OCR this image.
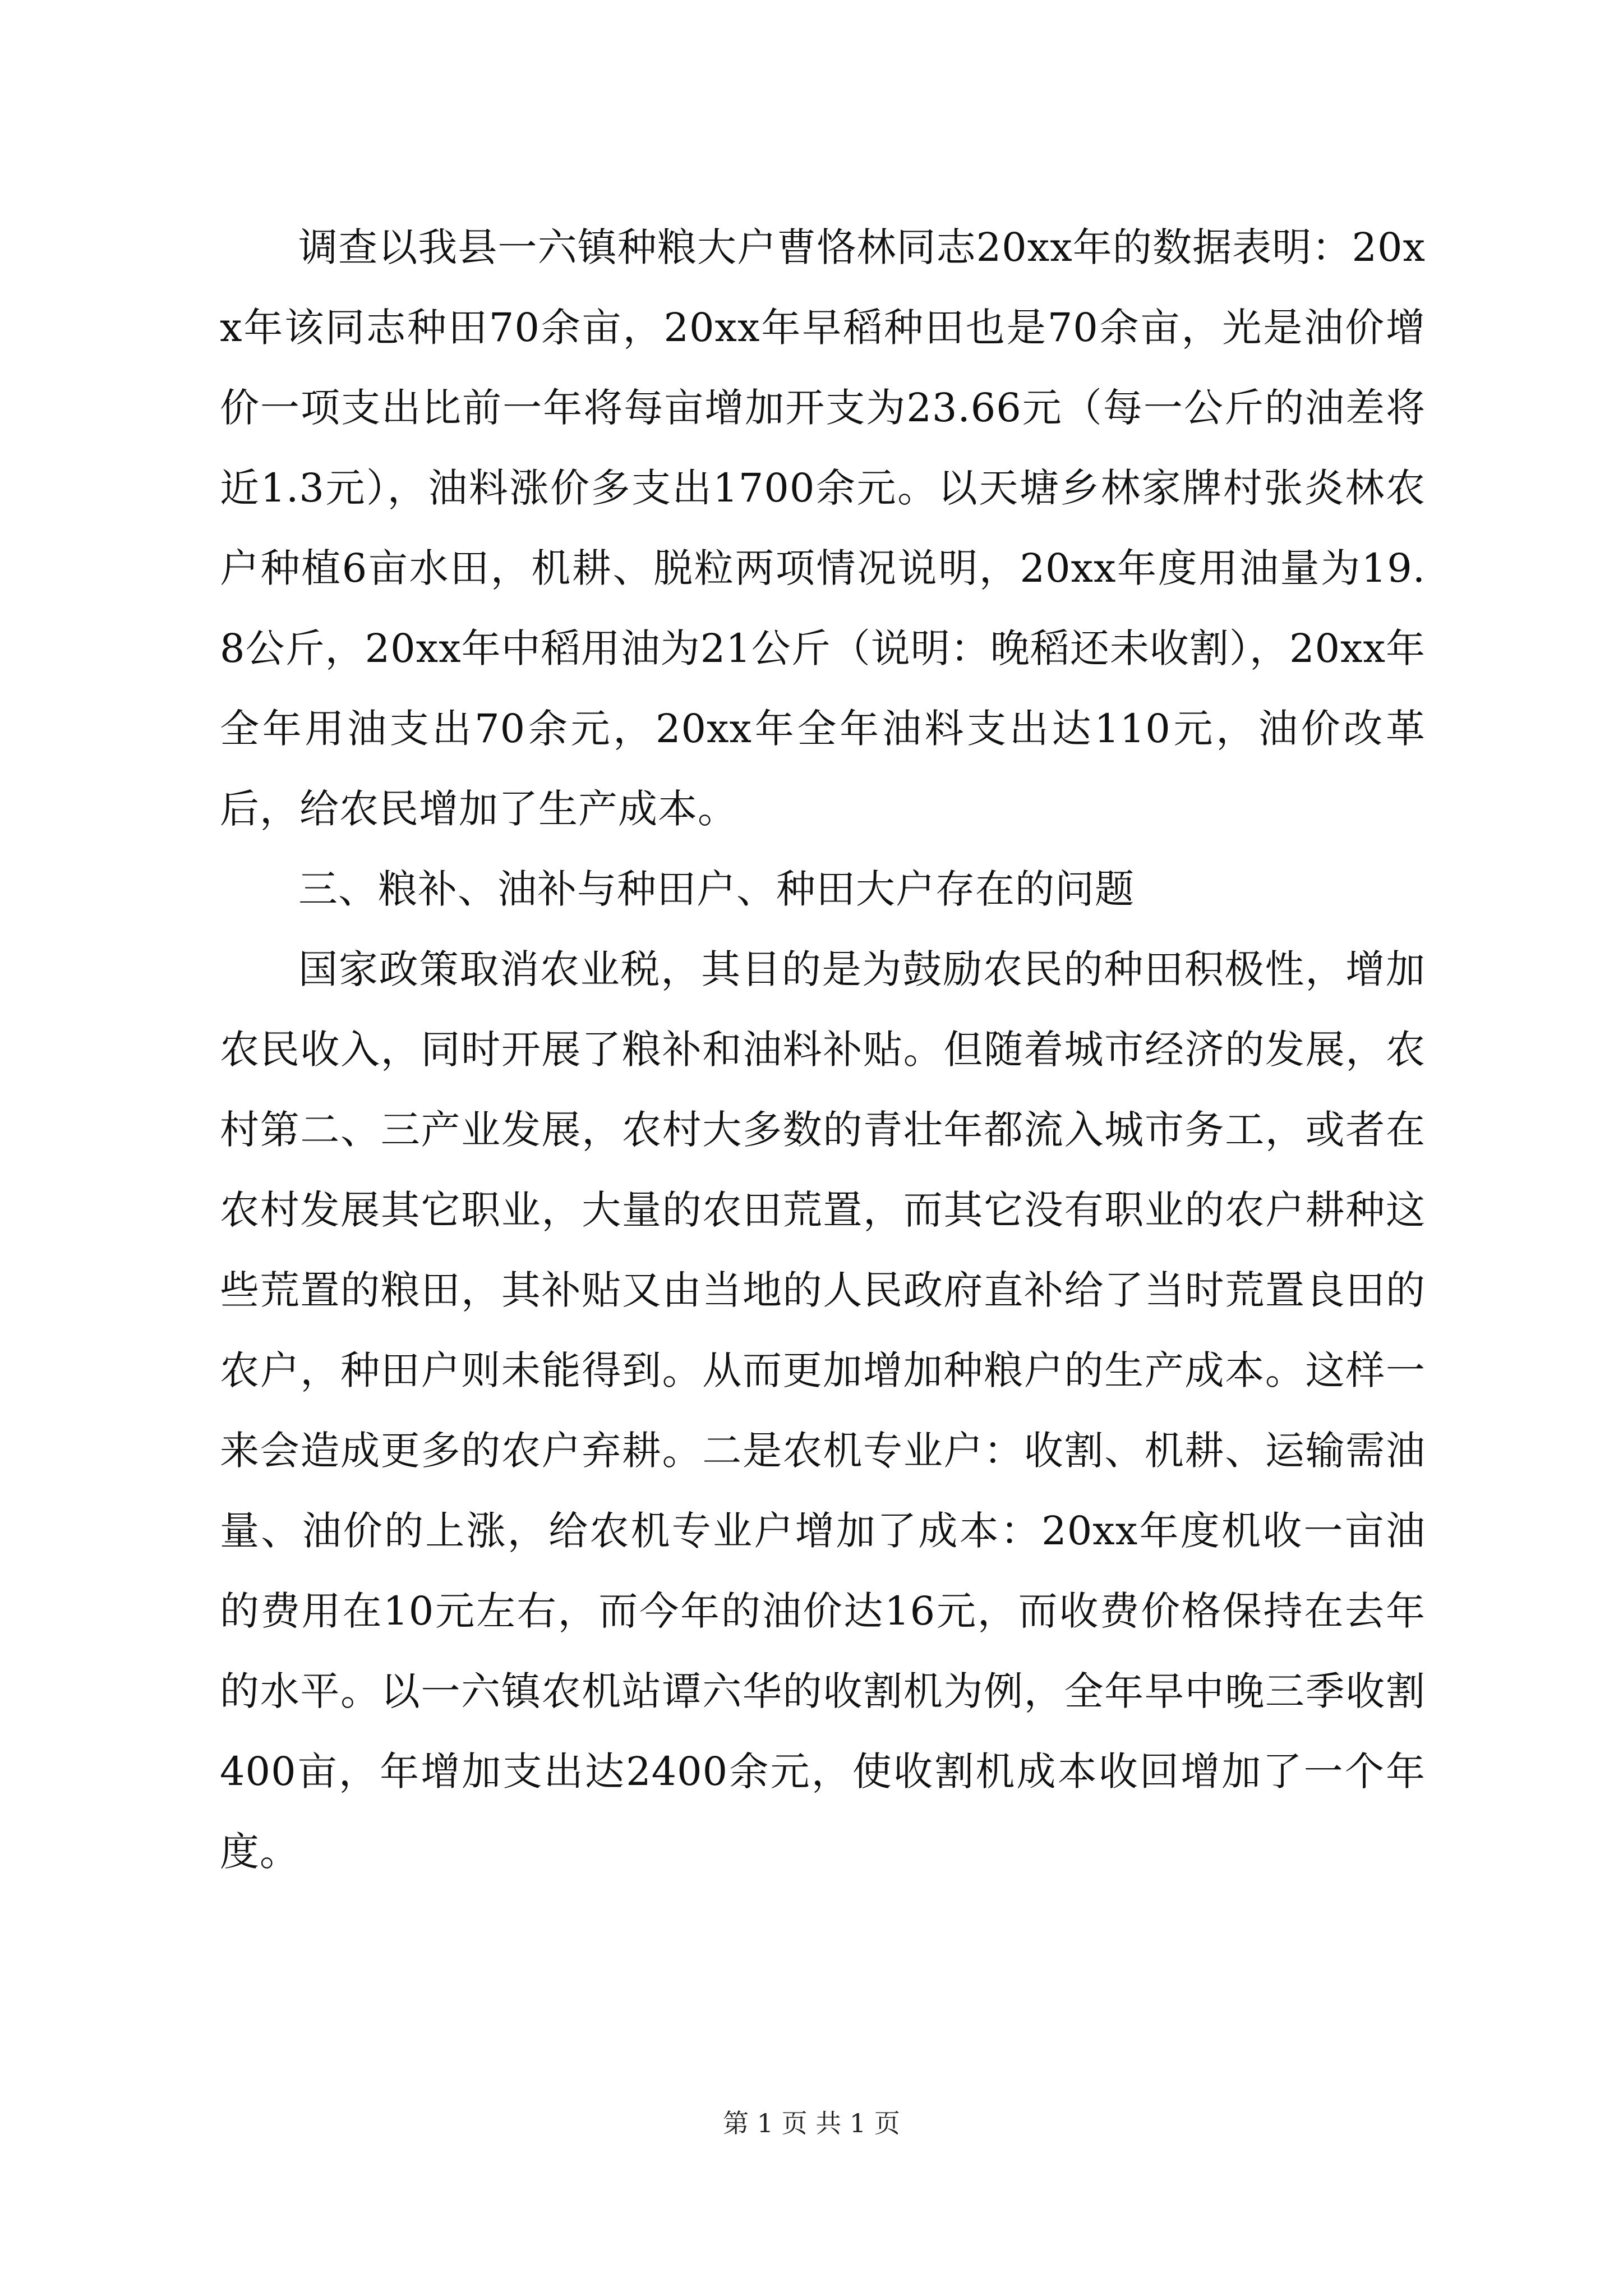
调查以我县一六镇种粮大户曹恪林同志20xx年的数据表明：20xx年该同志种田70余亩，20xx年早稻种田也是70余亩，光是油价增价一项支出比前一年将每亩增加开支为23.66元（每一公斤的油差将近1.3元），油料涨价多支出1700余元。以天塘乡林家牌村张炎林农户种植6亩水田，机耕、脱粒两项情况说明，20xx年度用油量为19.8公斤，20xx年中稻用油为21公斤（说明：晚稻还未收割），20xx年全年用油支出70余元，20xx年全年油料支出达110元，油价改革后，给农民增加了生产成本。

三、粮补、油补与种田户、种田大户存在的问题

国家政策取消农业税，其目的是为鼓励农民的种田积极性，增加农民收入，同时开展了粮补和油料补贴。但随着城市经济的发展，农村第二、三产业发展，农村大多数的青壮年都流入城市务工，或者在农村发展其它职业，大量的农田荒置，而其它没有职业的农户耕种这些荒置的粮田，其补贴又由当地的人民政府直补给了当时荒置良田的农户，种田户则未能得到。从而更加增加种粮户的生产成本。这样一来会造成更多的农户弃耕。二是农机专业户：收割、机耕、运输需油量、油价的上涨，给农机专业户增加了成本：20xx年度机收一亩油的费用在10元左右，而今年的油价达16元，而收费价格保持在去年的水平。以一六镇农机站谭六华的收割机为例，全年早中晚三季收割400亩，年增加支出达2400余元，使收割机成本收回增加了一个年度。

第 1 页 共 1 页
